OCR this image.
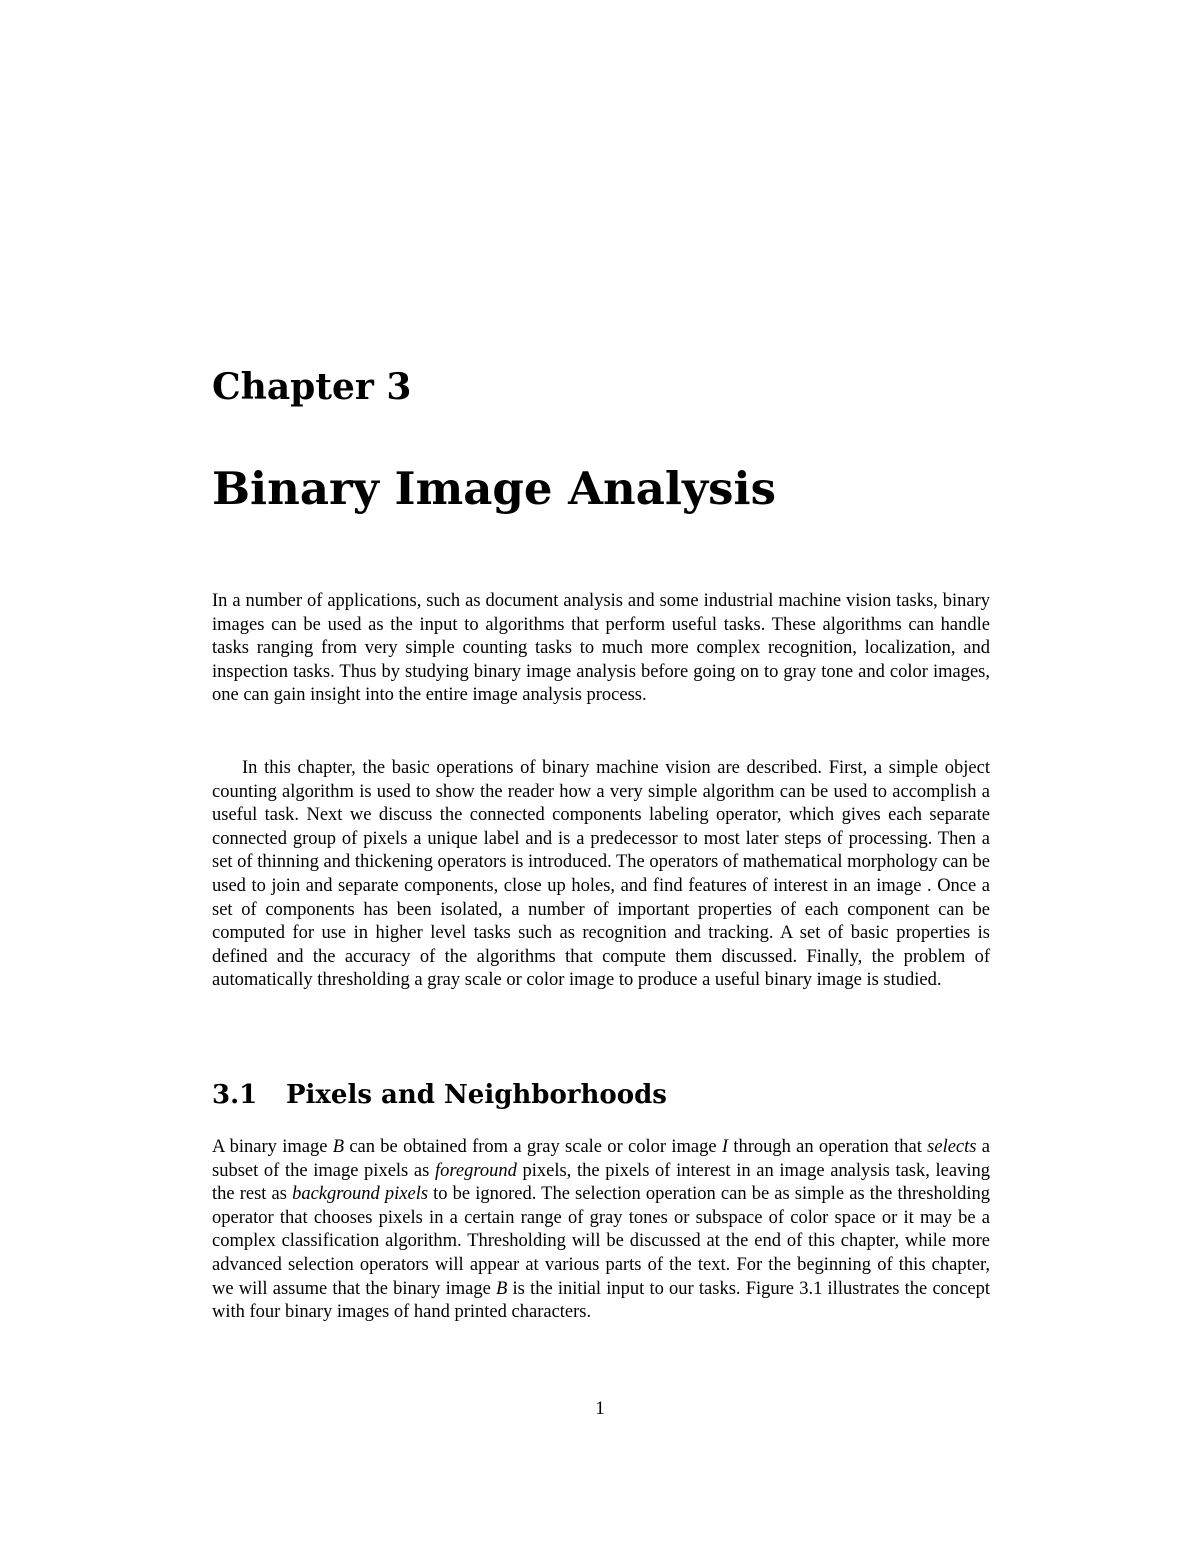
Chapter 3
Binary Image Analysis

In a number of applications, such as document analysis and some industrial machine vision tasks, binary images can be used as the input to algorithms that perform useful tasks. These algorithms can handle tasks ranging from very simple counting tasks to much more complex recognition, localization, and inspection tasks. Thus by studying binary image analysis before going on to gray tone and color images, one can gain insight into the entire image analysis process.

In this chapter, the basic operations of binary machine vision are described. First, a simple object counting algorithm is used to show the reader how a very simple algorithm can be used to accomplish a useful task. Next we discuss the connected components labeling operator, which gives each separate connected group of pixels a unique label and is a predecessor to most later steps of processing. Then a set of thinning and thickening operators is introduced. The operators of mathematical morphology can be used to join and separate components, close up holes, and find features of interest in an image . Once a set of components has been isolated, a number of important properties of each component can be computed for use in higher level tasks such as recognition and tracking. A set of basic properties is defined and the accuracy of the algorithms that compute them discussed. Finally, the problem of automatically thresholding a gray scale or color image to produce a useful binary image is studied.

3.1 Pixels and Neighborhoods

A binary image B can be obtained from a gray scale or color image I through an operation that selects a subset of the image pixels as foreground pixels, the pixels of interest in an image analysis task, leaving the rest as background pixels to be ignored. The selection operation can be as simple as the thresholding operator that chooses pixels in a certain range of gray tones or subspace of color space or it may be a complex classification algorithm. Thresholding will be discussed at the end of this chapter, while more advanced selection operators will appear at various parts of the text. For the beginning of this chapter, we will assume that the binary image B is the initial input to our tasks. Figure 3.1 illustrates the concept with four binary images of hand printed characters.

1
